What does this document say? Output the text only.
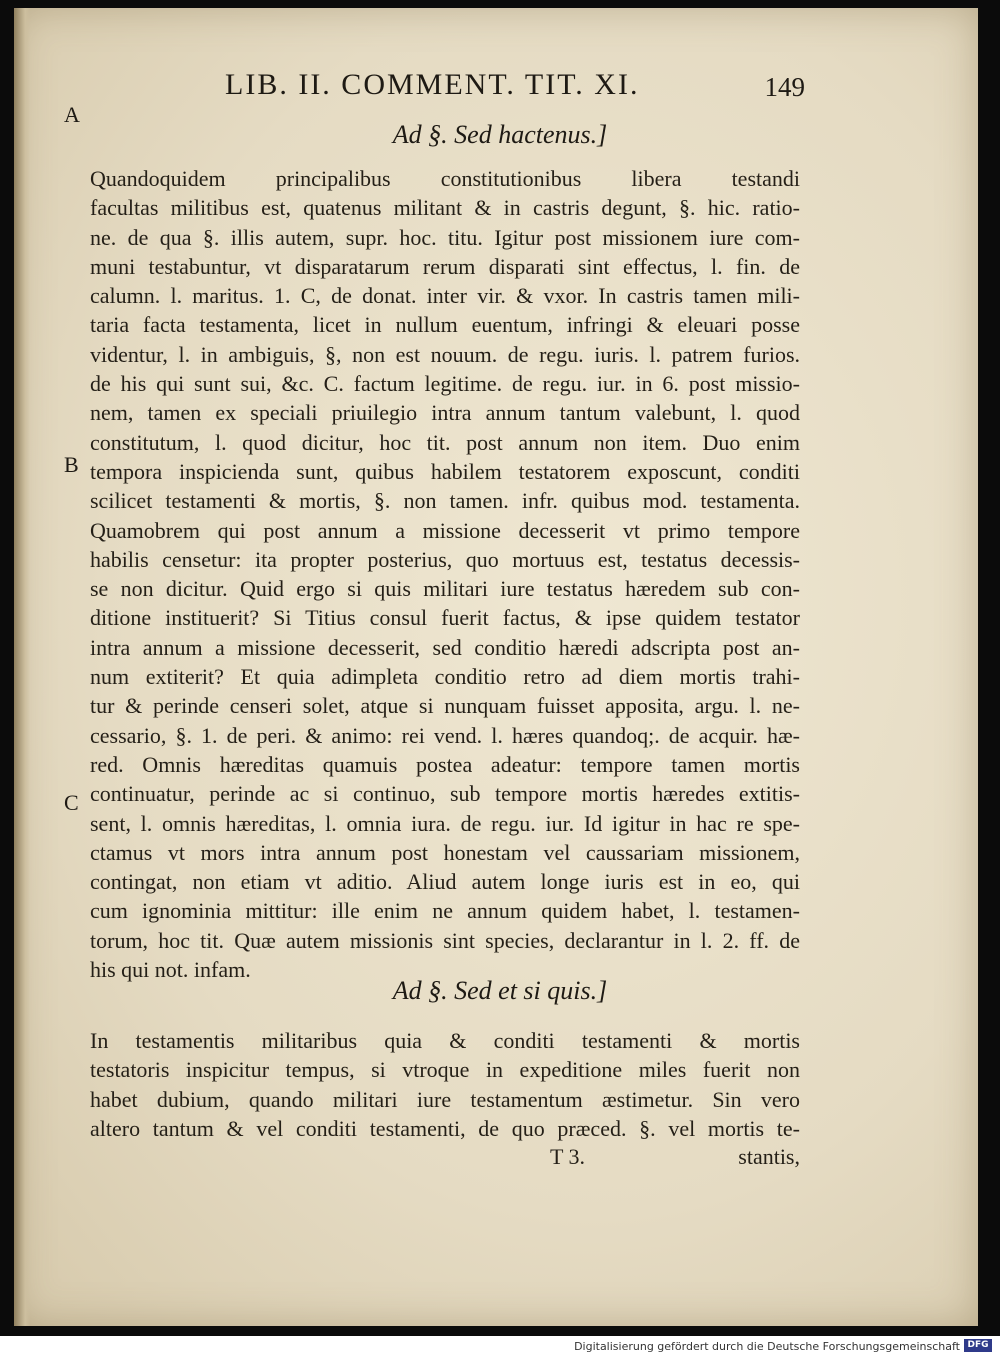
LIB. II. COMMENT. TIT. XI.	149
A
B
C
Ad §. Sed hactenus.]
Quandoquidem principalibus constitutionibus libera testandi
facultas militibus est, quatenus militant & in castris degunt, §. hic. ratio-
ne. de qua §. illis autem, supr. hoc. titu. Igitur post missionem iure com-
muni testabuntur, vt disparatarum rerum disparati sint effectus, l. fin. de
calumn. l. maritus. 1. C, de donat. inter vir. & vxor. In castris tamen mili-
taria facta testamenta, licet in nullum euentum, infringi & eleuari posse
videntur, l. in ambiguis, §, non est nouum. de regu. iuris. l. patrem furios.
de his qui sunt sui, &c. C. factum legitime. de regu. iur. in 6. post missio-
nem, tamen ex speciali priuilegio intra annum tantum valebunt, l. quod
constitutum, l. quod dicitur, hoc tit. post annum non item. Duo enim
tempora inspicienda sunt, quibus habilem testatorem exposcunt, conditi
scilicet testamenti & mortis, §. non tamen. infr. quibus mod. testamenta.
Quamobrem qui post annum a missione decesserit vt primo tempore
habilis censetur: ita propter posterius, quo mortuus est, testatus decessis-
se non dicitur. Quid ergo si quis militari iure testatus hæredem sub con-
ditione instituerit? Si Titius consul fuerit factus, & ipse quidem testator
intra annum a missione decesserit, sed conditio hæredi adscripta post an-
num extiterit? Et quia adimpleta conditio retro ad diem mortis trahi-
tur & perinde censeri solet, atque si nunquam fuisset apposita, argu. l. ne-
cessario, §. 1. de peri. & animo: rei vend. l. hæres quandoq;. de acquir. hæ-
red. Omnis hæreditas quamuis postea adeatur: tempore tamen mortis
continuatur, perinde ac si continuo, sub tempore mortis hæredes extitis-
sent, l. omnis hæreditas, l. omnia iura. de regu. iur. Id igitur in hac re spe-
ctamus vt mors intra annum post honestam vel caussariam missionem,
contingat, non etiam vt aditio. Aliud autem longe iuris est in eo, qui
cum ignominia mittitur: ille enim ne annum quidem habet, l. testamen-
torum, hoc tit. Quæ autem missionis sint species, declarantur in l. 2. ff. de
his qui not. infam.
Ad §. Sed et si quis.]
In testamentis militaribus quia & conditi testamenti & mortis
testatoris inspicitur tempus, si vtroque in expeditione miles fuerit non
habet dubium, quando militari iure testamentum æstimetur. Sin vero
altero tantum & vel conditi testamenti, de quo præced. §. vel mortis te-
T 3.	stantis,
Digitalisierung gefördert durch die Deutsche Forschungsgemeinschaft DFG
